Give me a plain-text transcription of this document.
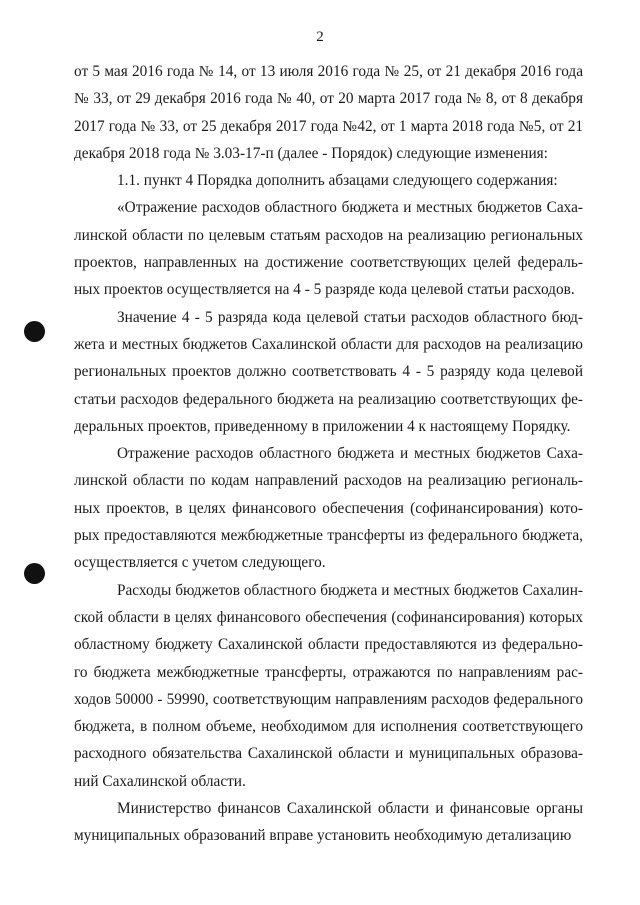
2
от 5 мая 2016 года № 14, от 13 июля 2016 года № 25, от 21 декабря 2016 года
№ 33, от 29 декабря 2016 года № 40, от 20 марта 2017 года № 8, от 8 декабря
2017 года № 33, от 25 декабря 2017 года №42, от 1 марта 2018 года №5, от 21
декабря 2018 года № 3.03-17-п (далее - Порядок) следующие изменения:
1.1. пункт 4 Порядка дополнить абзацами следующего содержания:
«Отражение расходов областного бюджета и местных бюджетов Саха-
линской области по целевым статьям расходов на реализацию региональных
проектов, направленных на достижение соответствующих целей федераль-
ных проектов осуществляется на 4 - 5 разряде кода целевой статьи расходов.
Значение 4 - 5 разряда кода целевой статьи расходов областного бюд-
жета и местных бюджетов Сахалинской области для расходов на реализацию
региональных проектов должно соответствовать 4 - 5 разряду кода целевой
статьи расходов федерального бюджета на реализацию соответствующих фе-
деральных проектов, приведенному в приложении 4 к настоящему Порядку.
Отражение расходов областного бюджета и местных бюджетов Саха-
линской области по кодам направлений расходов на реализацию региональ-
ных проектов, в целях финансового обеспечения (софинансирования) кото-
рых предоставляются межбюджетные трансферты из федерального бюджета,
осуществляется с учетом следующего.
Расходы бюджетов областного бюджета и местных бюджетов Сахалин-
ской области в целях финансового обеспечения (софинансирования) которых
областному бюджету Сахалинской области предоставляются из федерально-
го бюджета межбюджетные трансферты, отражаются по направлениям рас-
ходов 50000 - 59990, соответствующим направлениям расходов федерального
бюджета, в полном объеме, необходимом для исполнения соответствующего
расходного обязательства Сахалинской области и муниципальных образова-
ний Сахалинской области.
Министерство финансов Сахалинской области и финансовые органы
муниципальных образований вправе установить необходимую детализацию
